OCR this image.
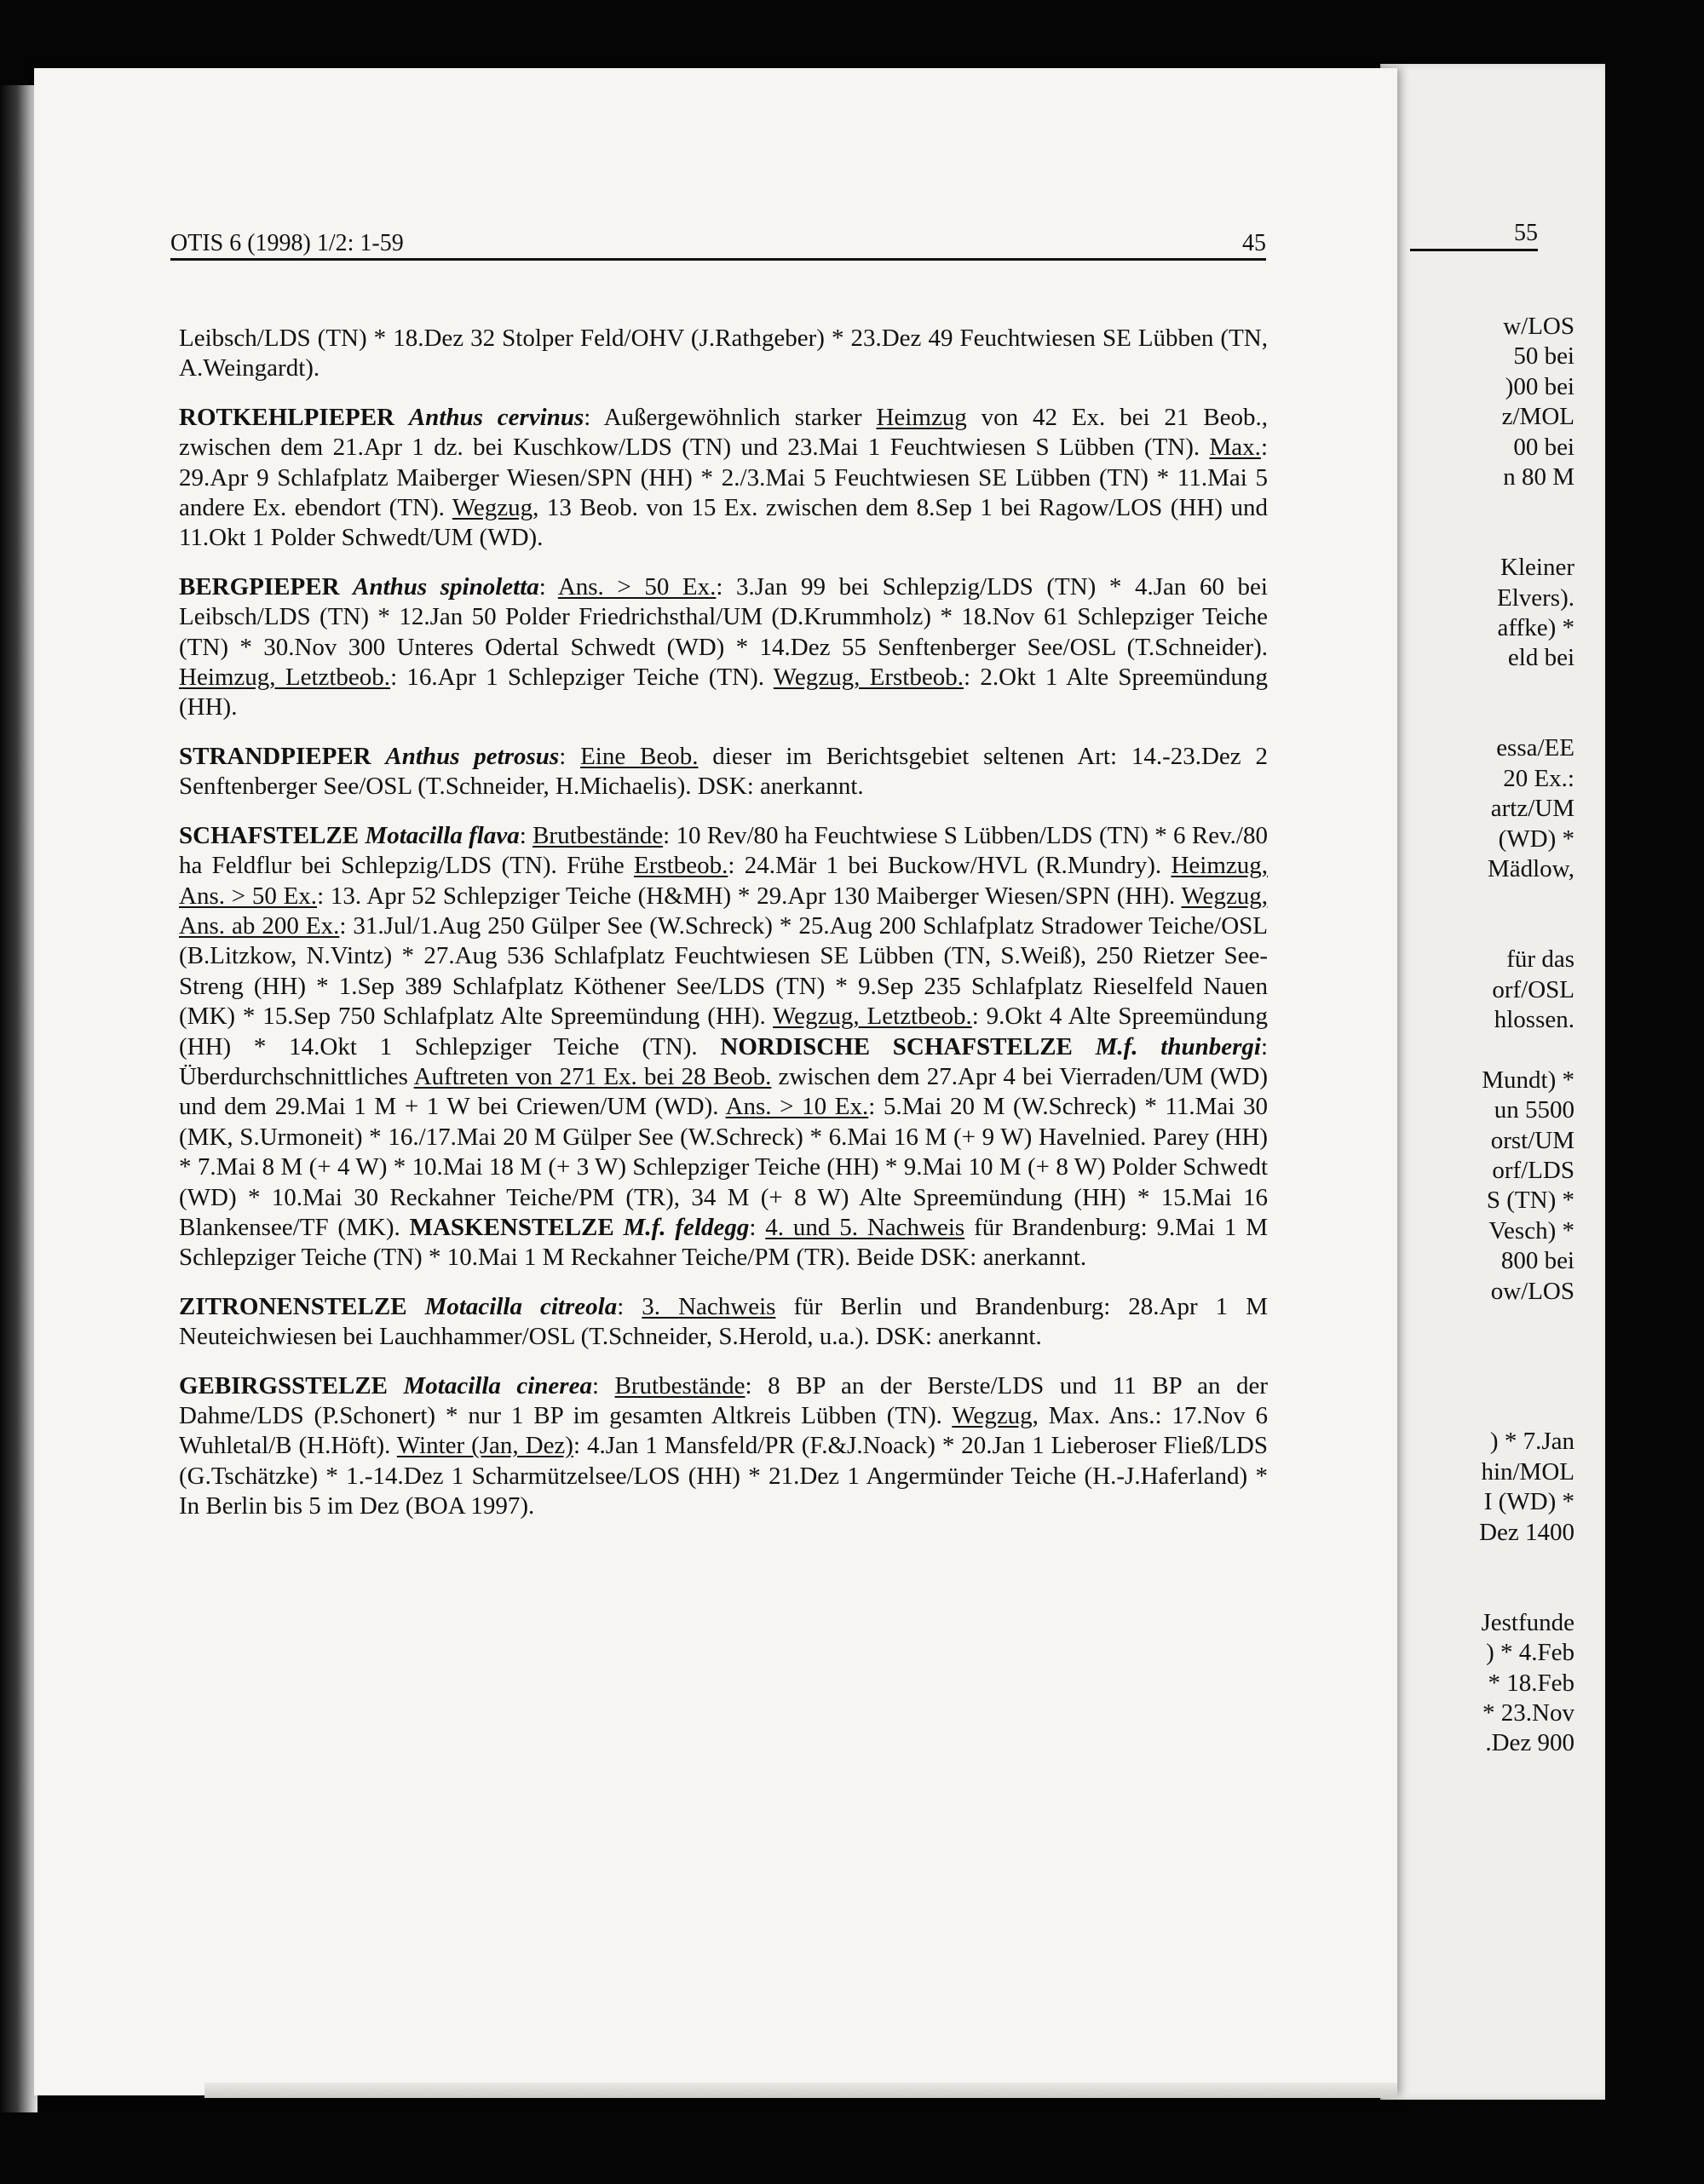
55
w/LOS
50 bei
)00 bei
z/MOL
00 bei
n 80 M
Kleiner
Elvers).
affke) *
eld bei
essa/EE
20 Ex.:
artz/UM
(WD) *
Mädlow,
für das
orf/OSL
hlossen.
Mundt) *
un 5500
orst/UM
orf/LDS
S (TN) *
Vesch) *
800 bei
ow/LOS
) * 7.Jan
hin/MOL
I (WD) *
Dez 1400
Jestfunde
) * 4.Feb
* 18.Feb
* 23.Nov
.Dez 900
OTIS 6 (1998) 1/2: 1-59	45

Leibsch/LDS (TN) * 18.Dez 32 Stolper Feld/OHV (J.Rathgeber) * 23.Dez 49 Feuchtwiesen SE Lübben (TN, A.Weingardt).

ROTKEHLPIEPER Anthus cervinus: Außergewöhnlich starker Heimzug von 42 Ex. bei 21 Beob., zwischen dem 21.Apr 1 dz. bei Kuschkow/LDS (TN) und 23.Mai 1 Feuchtwiesen S Lübben (TN). Max.: 29.Apr 9 Schlafplatz Maiberger Wiesen/SPN (HH) * 2./3.Mai 5 Feuchtwiesen SE Lübben (TN) * 11.Mai 5 andere Ex. ebendort (TN). Wegzug, 13 Beob. von 15 Ex. zwischen dem 8.Sep 1 bei Ragow/LOS (HH) und 11.Okt 1 Polder Schwedt/UM (WD).

BERGPIEPER Anthus spinoletta: Ans. > 50 Ex.: 3.Jan 99 bei Schlepzig/LDS (TN) * 4.Jan 60 bei Leibsch/LDS (TN) * 12.Jan 50 Polder Friedrichsthal/UM (D.Krummholz) * 18.Nov 61 Schlepziger Teiche (TN) * 30.Nov 300 Unteres Odertal Schwedt (WD) * 14.Dez 55 Senftenberger See/OSL (T.Schneider). Heimzug, Letztbeob.: 16.Apr 1 Schlepziger Teiche (TN). Wegzug, Erstbeob.: 2.Okt 1 Alte Spreemündung (HH).

STRANDPIEPER Anthus petrosus: Eine Beob. dieser im Berichtsgebiet seltenen Art: 14.-23.Dez 2 Senftenberger See/OSL (T.Schneider, H.Michaelis). DSK: anerkannt.

SCHAFSTELZE Motacilla flava: Brutbestände: 10 Rev/80 ha Feuchtwiese S Lübben/LDS (TN) * 6 Rev./80 ha Feldflur bei Schlepzig/LDS (TN). Frühe Erstbeob.: 24.Mär 1 bei Buckow/HVL (R.Mundry). Heimzug, Ans. > 50 Ex.: 13. Apr 52 Schlepziger Teiche (H&MH) * 29.Apr 130 Maiberger Wiesen/SPN (HH). Wegzug, Ans. ab 200 Ex.: 31.Jul/1.Aug 250 Gülper See (W.Schreck) * 25.Aug 200 Schlafplatz Stradower Teiche/OSL (B.Litzkow, N.Vintz) * 27.Aug 536 Schlafplatz Feuchtwiesen SE Lübben (TN, S.Weiß), 250 Rietzer See-Streng (HH) * 1.Sep 389 Schlafplatz Köthener See/LDS (TN) * 9.Sep 235 Schlafplatz Rieselfeld Nauen (MK) * 15.Sep 750 Schlafplatz Alte Spreemündung (HH). Wegzug, Letztbeob.: 9.Okt 4 Alte Spreemündung (HH) * 14.Okt 1 Schlepziger Teiche (TN). NORDISCHE SCHAFSTELZE M.f. thunbergi: Überdurchschnittliches Auftreten von 271 Ex. bei 28 Beob. zwischen dem 27.Apr 4 bei Vierraden/UM (WD) und dem 29.Mai 1 M + 1 W bei Criewen/UM (WD). Ans. > 10 Ex.: 5.Mai 20 M (W.Schreck) * 11.Mai 30 (MK, S.Urmoneit) * 16./17.Mai 20 M Gülper See (W.Schreck) * 6.Mai 16 M (+ 9 W) Havelnied. Parey (HH) * 7.Mai 8 M (+ 4 W) * 10.Mai 18 M (+ 3 W) Schlepziger Teiche (HH) * 9.Mai 10 M (+ 8 W) Polder Schwedt (WD) * 10.Mai 30 Reckahner Teiche/PM (TR), 34 M (+ 8 W) Alte Spreemündung (HH) * 15.Mai 16 Blankensee/TF (MK). MASKENSTELZE M.f. feldegg: 4. und 5. Nachweis für Brandenburg: 9.Mai 1 M Schlepziger Teiche (TN) * 10.Mai 1 M Reckahner Teiche/PM (TR). Beide DSK: anerkannt.

ZITRONENSTELZE Motacilla citreola: 3. Nachweis für Berlin und Brandenburg: 28.Apr 1 M Neuteichwiesen bei Lauchhammer/OSL (T.Schneider, S.Herold, u.a.). DSK: anerkannt.

GEBIRGSSTELZE Motacilla cinerea: Brutbestände: 8 BP an der Berste/LDS und 11 BP an der Dahme/LDS (P.Schonert) * nur 1 BP im gesamten Altkreis Lübben (TN). Wegzug, Max. Ans.: 17.Nov 6 Wuhletal/B (H.Höft). Winter (Jan, Dez): 4.Jan 1 Mansfeld/PR (F.&J.Noack) * 20.Jan 1 Lieberoser Fließ/LDS (G.Tschätzke) * 1.-14.Dez 1 Scharmützelsee/LOS (HH) * 21.Dez 1 Angermünder Teiche (H.-J.Haferland) * In Berlin bis 5 im Dez (BOA 1997).
